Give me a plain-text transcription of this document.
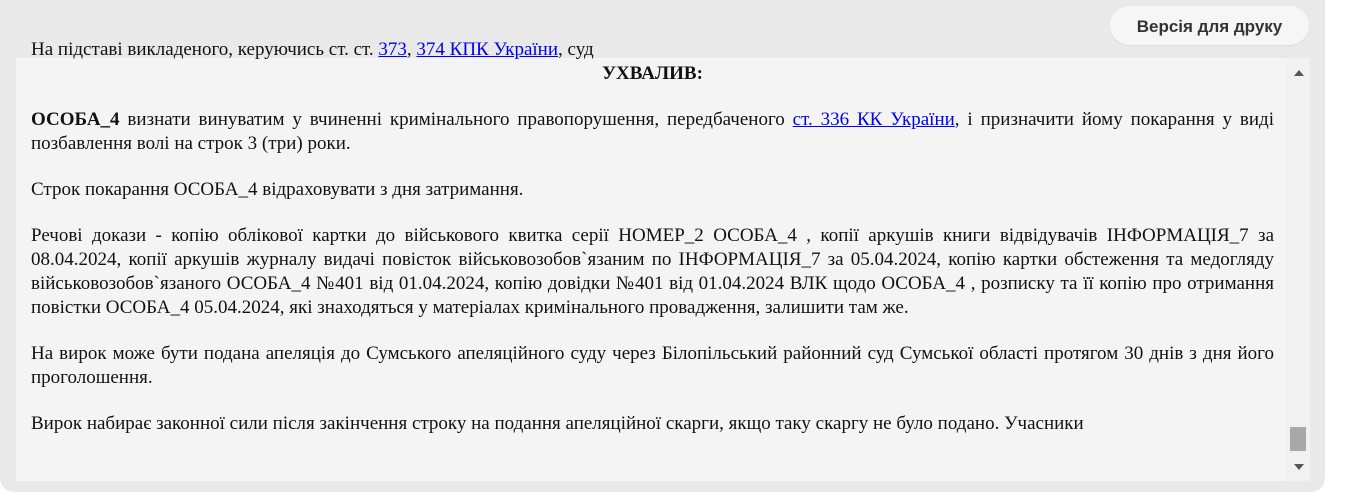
Версія для друку

На підставі викладеного, керуючись ст. ст. 373, 374 КПК України, суд

УХВАЛИВ:

ОСОБА_4 визнати винуватим у вчиненні кримінального правопорушення, передбаченого ст. 336 КК України, і призначити йому покарання у виді позбавлення волі на строк 3 (три) роки.

Строк покарання ОСОБА_4 відраховувати з дня затримання.

Речові докази - копію облікової картки до військового квитка серії НОМЕР_2 ОСОБА_4 , копії аркушів книги відвідувачів ІНФОРМАЦІЯ_7 за 08.04.2024, копії аркушів журналу видачі повісток військовозобов`язаним по ІНФОРМАЦІЯ_7 за 05.04.2024, копію картки обстеження та медогляду військовозобов`язаного ОСОБА_4 №401 від 01.04.2024, копію довідки №401 від 01.04.2024 ВЛК щодо ОСОБА_4 , розписку та її копію про отримання повістки ОСОБА_4 05.04.2024, які знаходяться у матеріалах кримінального провадження, залишити там же.

На вирок може бути подана апеляція до Сумського апеляційного суду через Білопільський районний суд Сумської області протягом 30 днів з дня його проголошення.

Вирок набирає законної сили після закінчення строку на подання апеляційної скарги, якщо таку скаргу не було подано. Учасники
